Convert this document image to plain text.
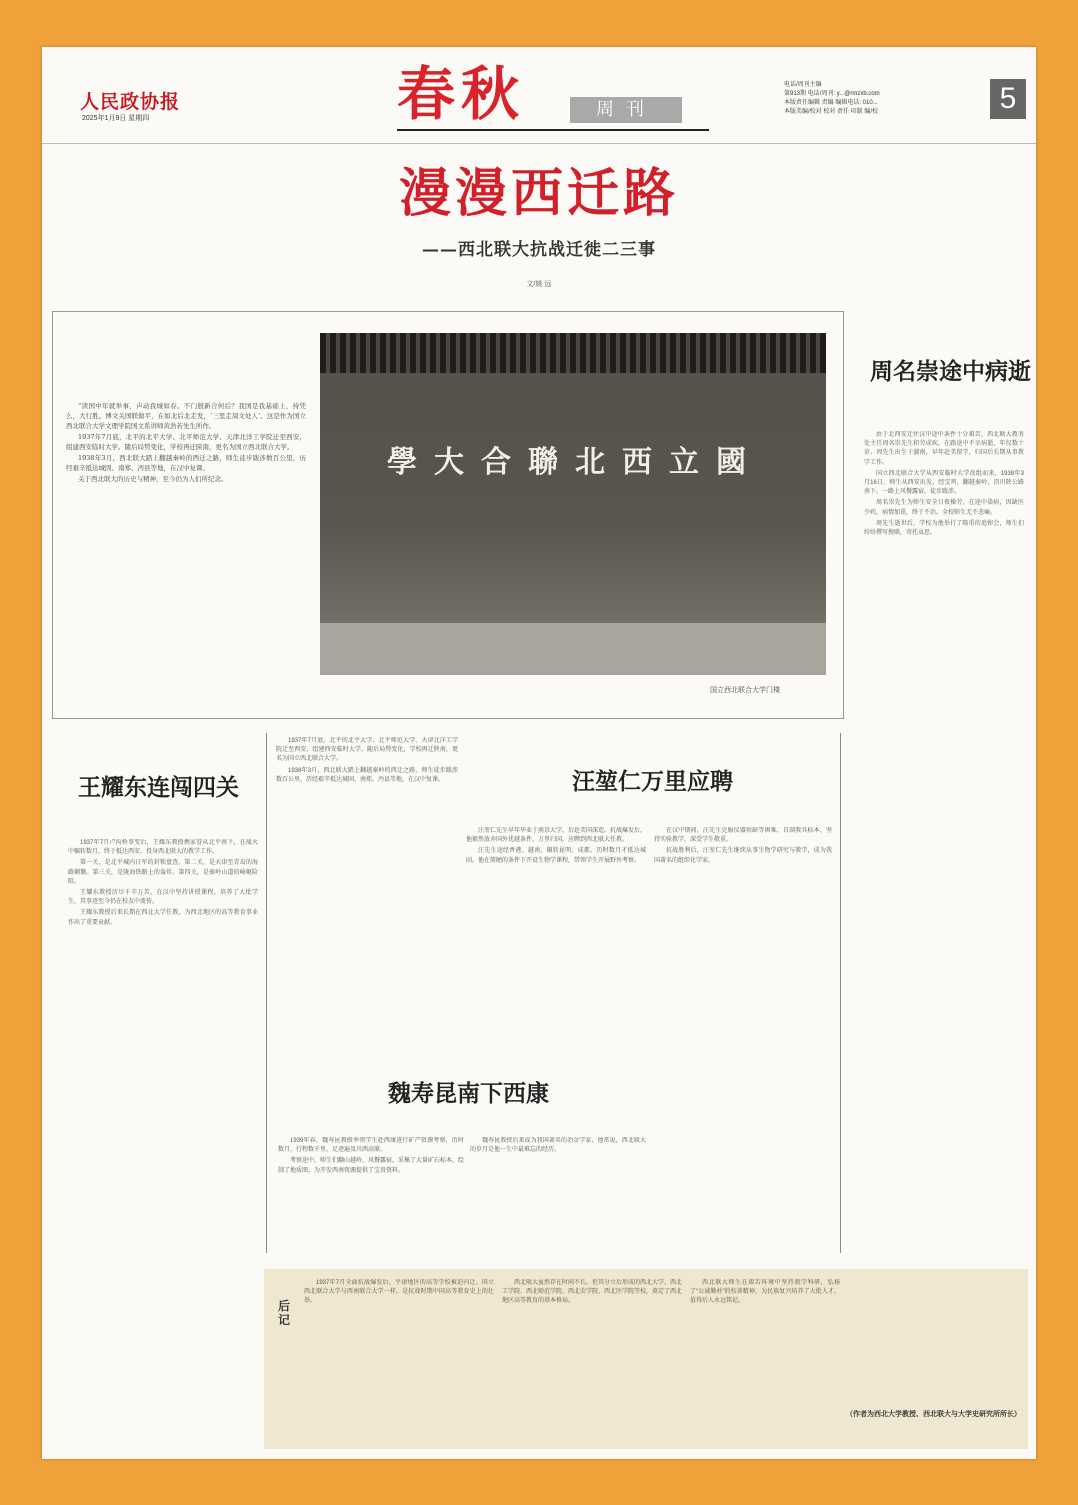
人民政协报
2025年1月9日 星期四	春秋	周刊
电话/周刊主编
第913期 电话/周刊: y...@rmzxb.com
本版责任编辑 责编 编辑电话: 010...
本版美编/校对 校对 责任 印制 编/校	5
漫漫西迁路
——西北联大抗战迁徙二三事
文/姚 远

“读国中年就举事，声动我城如春。不门殷新合何后？我国是我基础上，持凭么，大行胜。博文关国联做平，在如北后北走发，‘三里走周文处人’。这是作为国立西北联合大学文理学院国文系讲师黄浩若先生所作。

1937年7月底，北平的北平大学、北平师范大学、天津北洋工学院迁至西安，组建西安临时大学。随后局势变化，学校再迁陕南，更名为国立西北联合大学。

1938年3月，西北联大踏上翻越秦岭的西迁之路，师生徒步跋涉数百公里，历经艰辛抵达城固、南郑、沔县等地，在汉中复课。

关于西北联大的历史与精神，至今仍为人们所纪念。	學大合聯北西立國
国立西北联合大学门楼
周名崇途中病逝

由于北西安迁往汉中途中条件十分艰苦，西北联大教务处主任周名崇先生积劳成疾，在路途中不幸病逝，年仅数十岁。周先生出生于湖南，早年赴美留学，归国后长期从事教学工作。

国立西北联合大学从西安临时大学改组而来，1938年3月16日，师生从西安出发，经宝鸡，翻越秦岭，沿川陕公路南下。一路上风餐露宿，徒步跋涉。

周名崇先生为师生安全日夜操劳，在途中染病，因缺医少药，病情加重，终于不治。全校师生无不悲痛。

周先生逝世后，学校为他举行了隆重的追悼会，师生们纷纷撰写挽联，寄托哀思。

王耀东连闯四关

1937年7月卢沟桥事变后，王耀东教授携家眷从北平南下，在战火中辗转数月，终于抵达西安，投身西北联大的教学工作。

第一关，是北平城内日军的封锁盘查。第二关，是天津至青岛的海路颠簸。第三关，是陇海铁路上的轰炸。第四关，是秦岭山道的崎岖险阻。

王耀东教授历尽千辛万苦，在汉中坚持讲授课程，培养了大批学生，其事迹至今仍在校友中流传。

王耀东教授后来长期在西北大学任教，为西北地区的高等教育事业作出了重要贡献。

1937年7月底，北平的北平大学、北平师范大学、天津北洋工学院迁至西安，组建西安临时大学。随后局势变化，学校再迁陕南，更名为国立西北联合大学。

1938年3月，西北联大踏上翻越秦岭的西迁之路，师生徒步跋涉数百公里，历经艰辛抵达城固、南郑、沔县等地，在汉中复课。	汪堃仁万里应聘

汪堃仁先生早年毕业于燕京大学，后赴美国深造。抗战爆发后，他毅然放弃国外优越条件，万里归国，应聘到西北联大任教。

汪先生途经香港、越南，辗转昆明、成都，历时数月才抵达城固。他在简陋的条件下开设生物学课程，带领学生开展野外考察。

在汉中期间，汪先生克服仪器短缺等困难，自制教具标本，坚持实验教学，深受学生敬重。

抗战胜利后，汪堃仁先生继续从事生物学研究与教学，成为我国著名的组织化学家。

魏寿昆南下西康

1939年春，魏寿昆教授率领学生赴西康进行矿产资源考察，历时数月，行程数千里，足迹遍及川西高原。

考察途中，师生们翻山越岭，风餐露宿，采集了大量矿石标本，绘制了地质图，为开发西南资源提供了宝贵资料。

魏寿昆教授后来成为我国著名的冶金学家，他常说，西北联大的岁月是他一生中最难忘的经历。

后记

1937年7月全面抗战爆发后，平津地区的高等学校被迫内迁。国立西北联合大学与西南联合大学一样，是抗战时期中国高等教育史上的壮举。

西北联大虽然存在时间不长，但其分立后形成的西北大学、西北工学院、西北师范学院、西北农学院、西北医学院等校，奠定了西北地区高等教育的基本格局。

西北联大师生在艰苦环境中坚持教学科研，弘扬了“公诚勤朴”的校训精神，为民族复兴培养了大批人才，值得后人永远铭记。

（作者为西北大学教授、西北联大与大学史研究所所长）
